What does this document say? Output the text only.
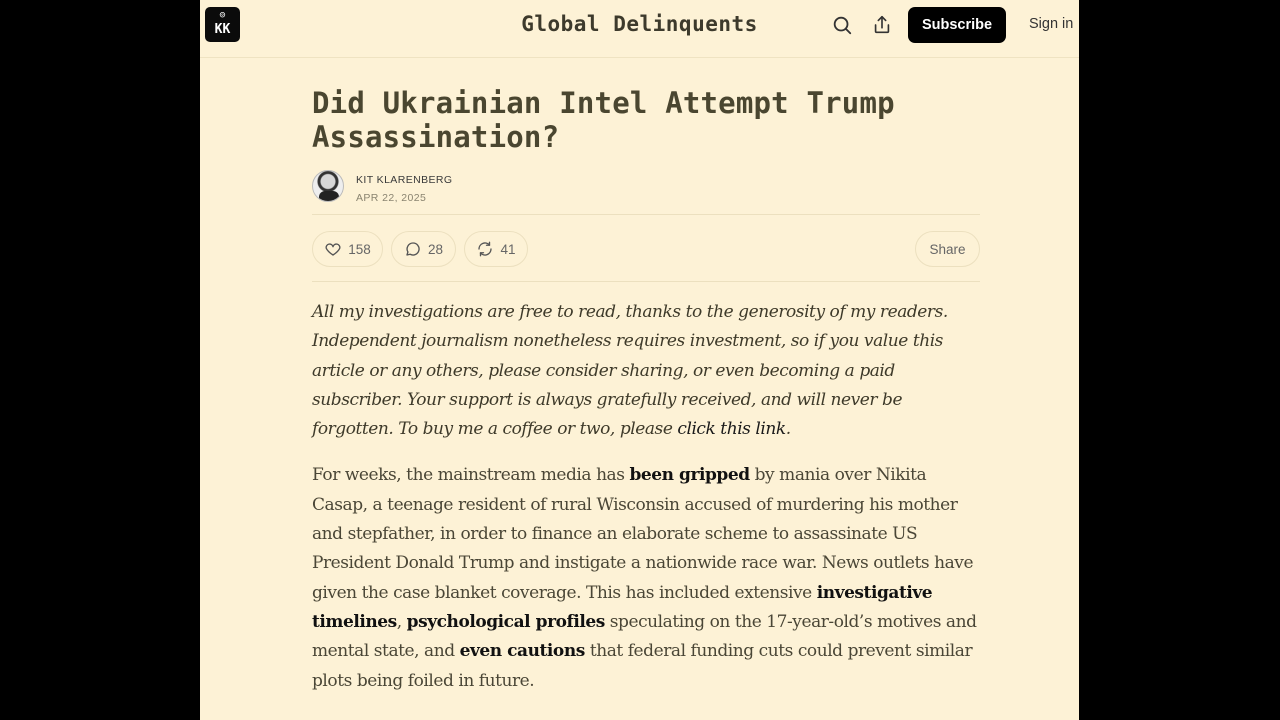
◎
KK	Global Delinquents	Subscribe	Sign in
Did Ukrainian Intel Attempt Trump Assassination?
KIT KLARENBERG
APR 22, 2025
158	28	41	Share

All my investigations are free to read, thanks to the generosity of my readers. Independent journalism nonetheless requires investment, so if you value this article or any others, please consider sharing, or even becoming a paid subscriber. Your support is always gratefully received, and will never be forgotten. To buy me a coffee or two, please click this link.

For weeks, the mainstream media has been gripped by mania over Nikita Casap, a teenage resident of rural Wisconsin accused of murdering his mother and stepfather, in order to finance an elaborate scheme to assassinate US President Donald Trump and instigate a nationwide race war. News outlets have given the case blanket coverage. This has included extensive investigative timelines, psychological profiles speculating on the 17-year-old’s motives and mental state, and even cautions that federal funding cuts could prevent similar plots being foiled in future.
